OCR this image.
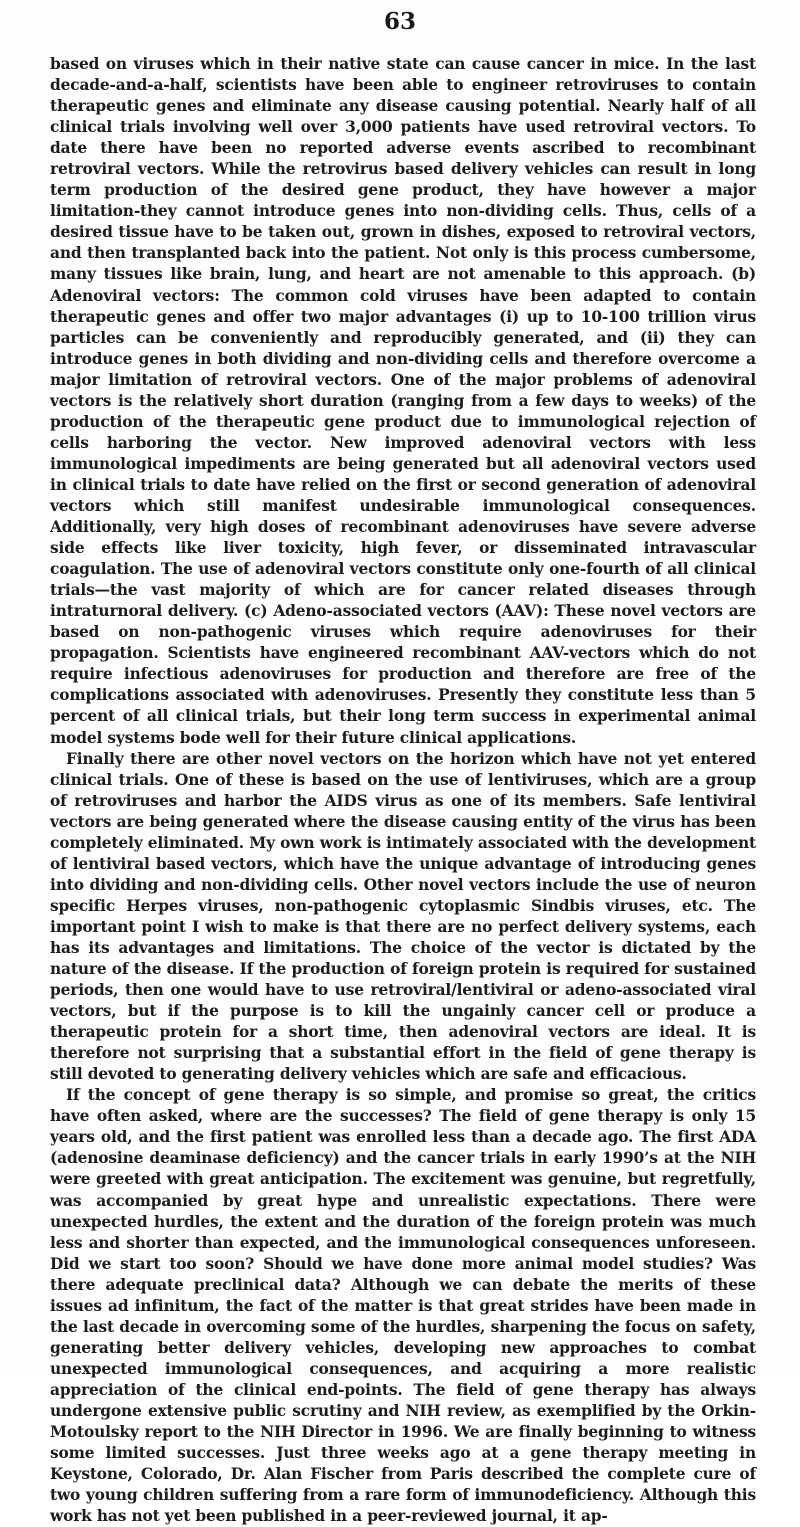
63

based on viruses which in their native state can cause cancer in mice. In the last decade-and-a-half, scientists have been able to engineer retroviruses to contain therapeutic genes and eliminate any disease causing potential. Nearly half of all clinical trials involving well over 3,000 patients have used retroviral vectors. To date there have been no reported adverse events ascribed to recombinant retroviral vectors. While the retrovirus based delivery vehicles can result in long term production of the desired gene product, they have however a major limitation-they cannot introduce genes into non-dividing cells. Thus, cells of a desired tissue have to be taken out, grown in dishes, exposed to retroviral vectors, and then transplanted back into the patient. Not only is this process cumbersome, many tissues like brain, lung, and heart are not amenable to this approach. (b) Adenoviral vectors: The common cold viruses have been adapted to contain therapeutic genes and offer two major advantages (i) up to 10-100 trillion virus particles can be conveniently and reproducibly generated, and (ii) they can introduce genes in both dividing and non-dividing cells and therefore overcome a major limitation of retroviral vectors. One of the major problems of adenoviral vectors is the relatively short duration (ranging from a few days to weeks) of the production of the therapeutic gene product due to immunological rejection of cells harboring the vector. New improved adenoviral vectors with less immunological impediments are being generated but all adenoviral vectors used in clinical trials to date have relied on the first or second generation of adenoviral vectors which still manifest undesirable immunological consequences. Additionally, very high doses of recombinant adenoviruses have severe adverse side effects like liver toxicity, high fever, or disseminated intravascular coagulation. The use of adenoviral vectors constitute only one-fourth of all clinical trials—the vast majority of which are for cancer related diseases through intraturnoral delivery. (c) Adeno-associated vectors (AAV): These novel vectors are based on non-pathogenic viruses which require adenoviruses for their propagation. Scientists have engineered recombinant AAV-vectors which do not require infectious adenoviruses for production and therefore are free of the complications associated with adenoviruses. Presently they constitute less than 5 percent of all clinical trials, but their long term success in experimental animal model systems bode well for their future clinical applications.

Finally there are other novel vectors on the horizon which have not yet entered clinical trials. One of these is based on the use of lentiviruses, which are a group of retroviruses and harbor the AIDS virus as one of its members. Safe lentiviral vectors are being generated where the disease causing entity of the virus has been completely eliminated. My own work is intimately associated with the development of lentiviral based vectors, which have the unique advantage of introducing genes into dividing and non-dividing cells. Other novel vectors include the use of neuron specific Herpes viruses, non-pathogenic cytoplasmic Sindbis viruses, etc. The important point I wish to make is that there are no perfect delivery systems, each has its advantages and limitations. The choice of the vector is dictated by the nature of the disease. If the production of foreign protein is required for sustained periods, then one would have to use retroviral/lentiviral or adeno-associated viral vectors, but if the purpose is to kill the ungainly cancer cell or produce a therapeutic protein for a short time, then adenoviral vectors are ideal. It is therefore not surprising that a substantial effort in the field of gene therapy is still devoted to generating delivery vehicles which are safe and efficacious.

If the concept of gene therapy is so simple, and promise so great, the critics have often asked, where are the successes? The field of gene therapy is only 15 years old, and the first patient was enrolled less than a decade ago. The first ADA (adenosine deaminase deficiency) and the cancer trials in early 1990’s at the NIH were greeted with great anticipation. The excitement was genuine, but regretfully, was accompanied by great hype and unrealistic expectations. There were unexpected hurdles, the extent and the duration of the foreign protein was much less and shorter than expected, and the immunological consequences unforeseen. Did we start too soon? Should we have done more animal model studies? Was there adequate preclinical data? Although we can debate the merits of these issues ad infinitum, the fact of the matter is that great strides have been made in the last decade in overcoming some of the hurdles, sharpening the focus on safety, generating better delivery vehicles, developing new approaches to combat unexpected immunological consequences, and acquiring a more realistic appreciation of the clinical end-points. The field of gene therapy has always undergone extensive public scrutiny and NIH review, as exemplified by the Orkin-Motoulsky report to the NIH Director in 1996. We are finally beginning to witness some limited successes. Just three weeks ago at a gene therapy meeting in Keystone, Colorado, Dr. Alan Fischer from Paris described the complete cure of two young children suffering from a rare form of immunodeficiency. Although this work has not yet been published in a peer-reviewed journal, it ap-
